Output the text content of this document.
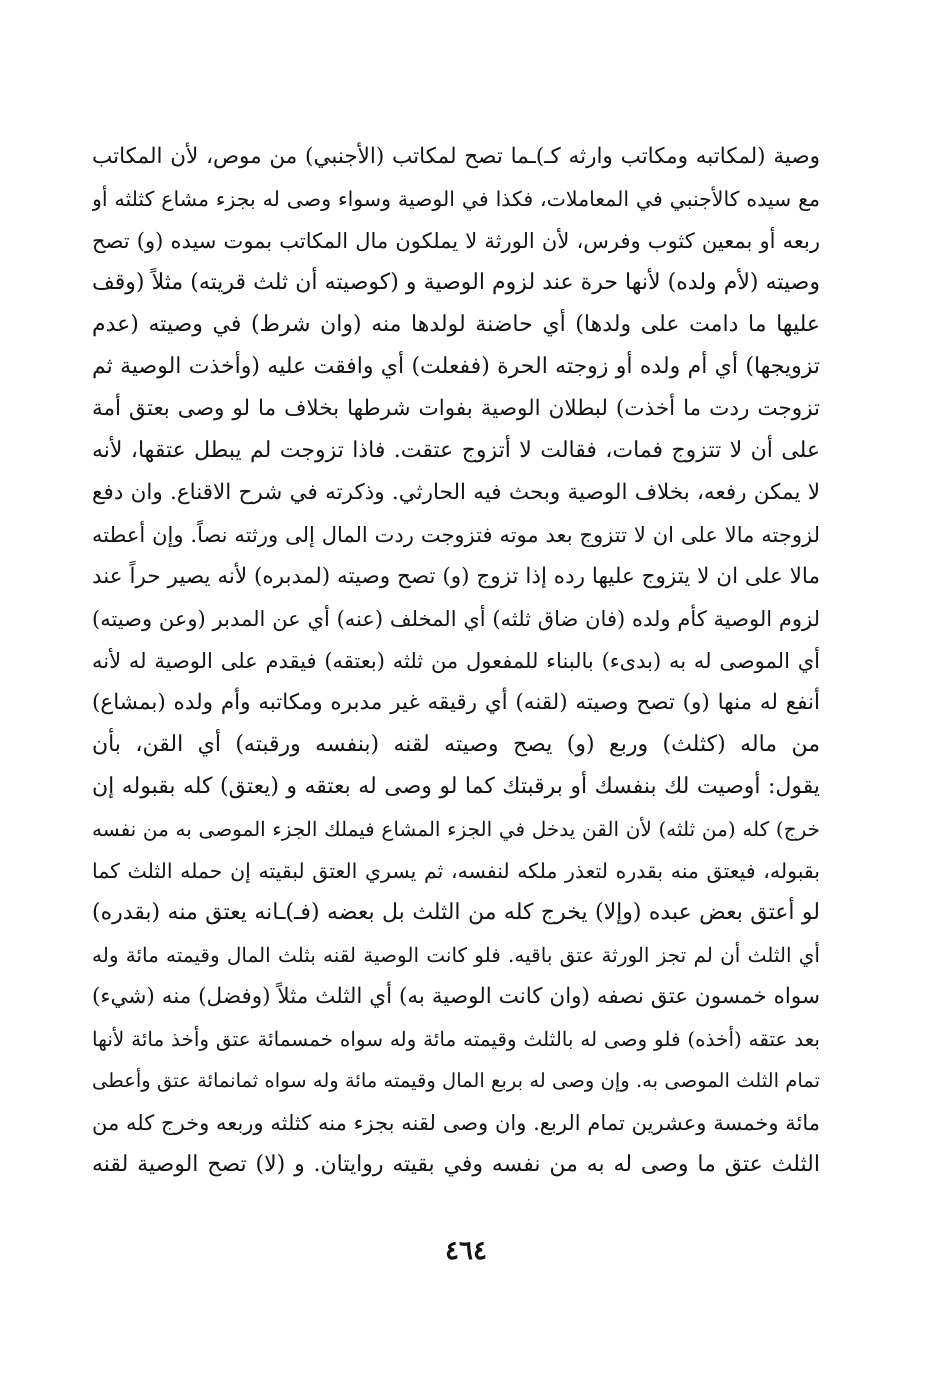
وصية (لمكاتبه ومكاتب وارثه كـ)ـما تصح لمكاتب (الأجنبي) من موص، لأن المكاتب
مع سيده كالأجنبي في المعاملات، فكذا في الوصية وسواء وصى له بجزء مشاع كثلثه أو
ربعه أو بمعين كثوب وفرس، لأن الورثة لا يملكون مال المكاتب بموت سيده (و) تصح
وصيته (لأم ولده) لأنها حرة عند لزوم الوصية و (كوصيته أن ثلث قريته) مثلاً (وقف
عليها ما دامت على ولدها) أي حاضنة لولدها منه (وان شرط) في وصيته (عدم
تزويجها) أي أم ولده أو زوجته الحرة (ففعلت) أي وافقت عليه (وأخذت الوصية ثم
تزوجت ردت ما أخذت) لبطلان الوصية بفوات شرطها بخلاف ما لو وصى بعتق أمة
على أن لا تتزوج فمات، فقالت لا أتزوج عتقت. فاذا تزوجت لم يبطل عتقها، لأنه
لا يمكن رفعه، بخلاف الوصية وبحث فيه الحارثي. وذكرته في شرح الاقناع. وان دفع
لزوجته مالا على ان لا تتزوج بعد موته فتزوجت ردت المال إلى ورثته نصاً. وإن أعطته
مالا على ان لا يتزوج عليها رده إذا تزوج (و) تصح وصيته (لمدبره) لأنه يصير حراً عند
لزوم الوصية كأم ولده (فان ضاق ثلثه) أي المخلف (عنه) أي عن المدبر (وعن وصيته)
أي الموصى له به (بدىء) بالبناء للمفعول من ثلثه (بعتقه) فيقدم على الوصية له لأنه
أنفع له منها (و) تصح وصيته (لقنه) أي رقيقه غير مدبره ومكاتبه وأم ولده (بمشاع)
من ماله (كثلث) وربع (و) يصح وصيته لقنه (بنفسه ورقبته) أي القن، بأن
يقول: أوصيت لك بنفسك أو برقبتك كما لو وصى له بعتقه و (يعتق) كله بقبوله إن
خرج) كله (من ثلثه) لأن القن يدخل في الجزء المشاع فيملك الجزء الموصى به من نفسه
بقبوله، فيعتق منه بقدره لتعذر ملكه لنفسه، ثم يسري العتق لبقيته إن حمله الثلث كما
لو أعتق بعض عبده (وإلا) يخرج كله من الثلث بل بعضه (فـ)ـانه يعتق منه (بقدره)
أي الثلث أن لم تجز الورثة عتق باقيه. فلو كانت الوصية لقنه بثلث المال وقيمته مائة وله
سواه خمسون عتق نصفه (وان كانت الوصية به) أي الثلث مثلاً (وفضل) منه (شيء)
بعد عتقه (أخذه) فلو وصى له بالثلث وقيمته مائة وله سواه خمسمائة عتق وأخذ مائة لأنها
تمام الثلث الموصى به. وإن وصى له بربع المال وقيمته مائة وله سواه ثمانمائة عتق وأعطى
مائة وخمسة وعشرين تمام الربع. وان وصى لقنه بجزء منه كثلثه وربعه وخرج كله من
الثلث عتق ما وصى له به من نفسه وفي بقيته روايتان. و (لا) تصح الوصية لقنه
٤٦٤
